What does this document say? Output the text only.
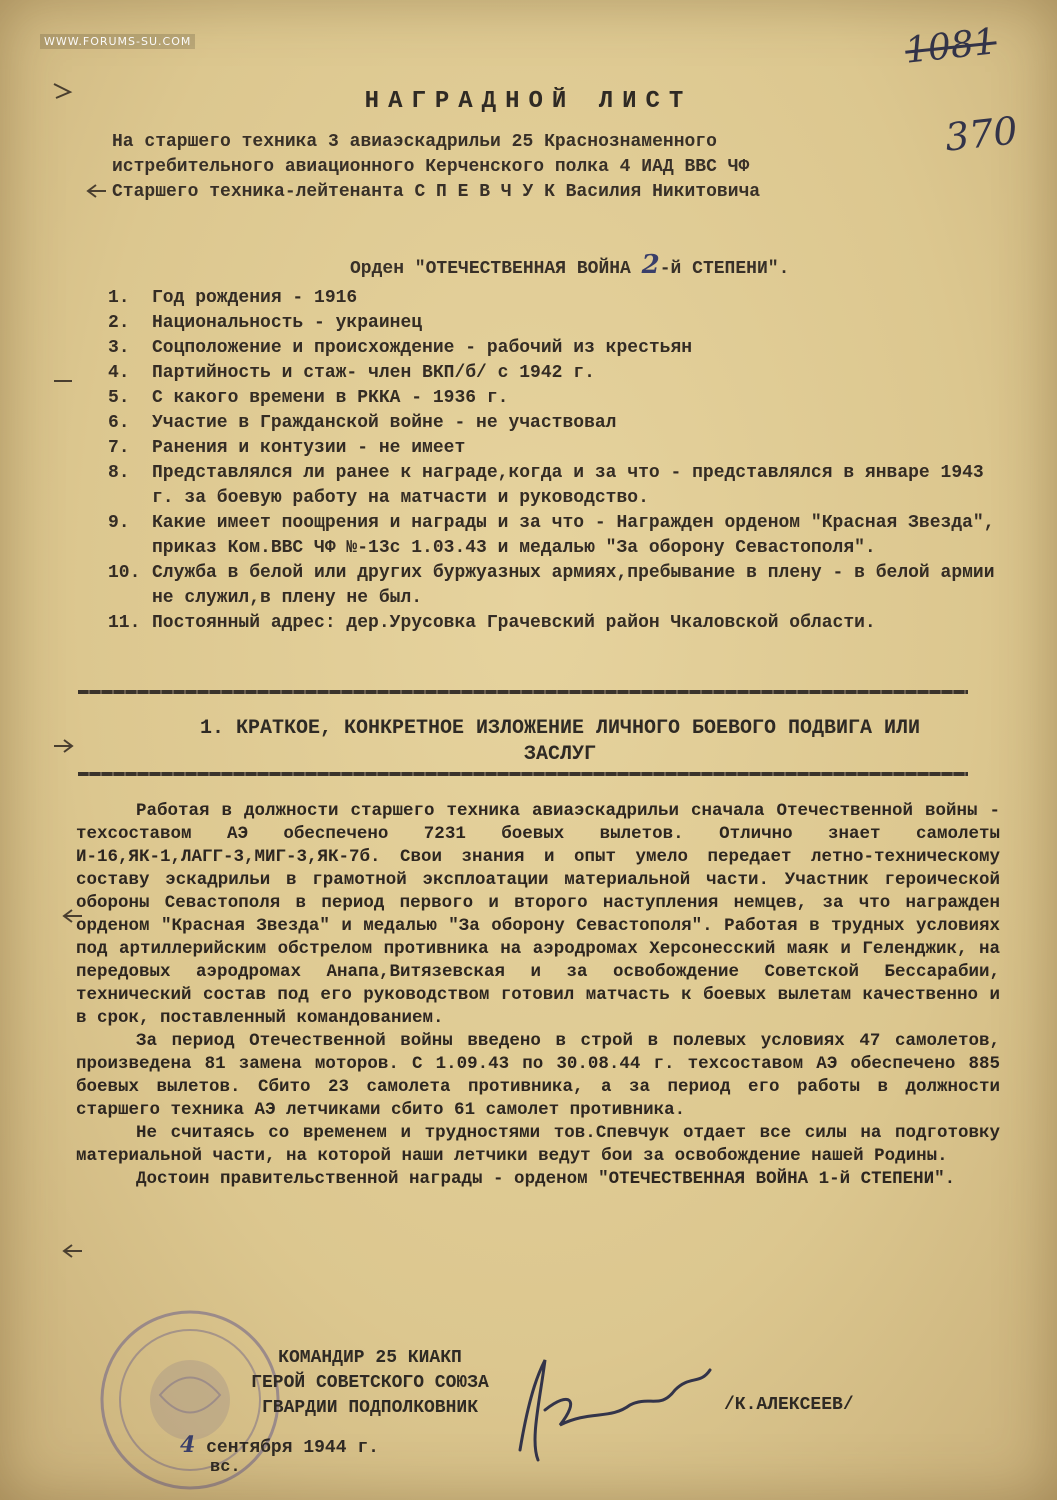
WWW.FORUMS-SU.COM	1081
370
НАГРАДНОЙ ЛИСТ
На старшего техника 3 авиаэскадрильи 25 Краснознаменного
истребительного авиационного Керченского полка 4 ИАД ВВС ЧФ
Старшего техника-лейтенанта С П Е В Ч У К Василия Никитовича
Орден "ОТЕЧЕСТВЕННАЯ ВОЙНА 2-й СТЕПЕНИ".
1.	Год рождения - 1916
2.	Национальность - украинец
3.	Соцположение и происхождение - рабочий из крестьян
4.	Партийность и стаж- член ВКП/б/ с 1942 г.
5.	С какого времени в РККА - 1936 г.
6.	Участие в Гражданской войне - не участвовал
7.	Ранения и контузии - не имеет
8.	Представлялся ли ранее к награде,когда и за что - представлялся в январе 1943 г. за боевую работу на матчасти и руководство.
9.	Какие имеет поощрения и награды и за что - Награжден орденом "Красная Звезда", приказ Ком.ВВС ЧФ №-13с 1.03.43 и медалью "За оборону Севастополя".
10. Служба в белой или других буржуазных армиях,пребывание в плену - в белой армии не служил,в плену не был.
11. Постоянный адрес: дер.Урусовка Грачевский район Чкаловской области.
1. КРАТКОЕ, КОНКРЕТНОЕ ИЗЛОЖЕНИЕ ЛИЧНОГО БОЕВОГО ПОДВИГА ИЛИ ЗАСЛУГ

Работая в должности старшего техника авиаэскадрильи сначала Отечественной войны - техсоставом АЭ обеспечено 7231 боевых вылетов. Отлично знает самолеты И-16,ЯК-1,ЛАГГ-3,МИГ-3,ЯК-7б. Свои знания и опыт умело передает летно-техническому составу эскадрильи в грамотной эксплоатации материальной части. Участник героической обороны Севастополя в период первого и второго наступления немцев, за что награжден орденом "Красная Звезда" и медалью "За оборону Севастополя". Работая в трудных условиях под артиллерийским обстрелом противника на аэродромах Херсонесский маяк и Геленджик, на передовых аэродромах Анапа,Витязевская и за освобождение Советской Бессарабии, технический состав под его руководством готовил матчасть к боевых вылетам качественно и в срок, поставленный командованием.

За период Отечественной войны введено в строй в полевых условиях 47 самолетов, произведена 81 замена моторов. С 1.09.43 по 30.08.44 г. техсоставом АЭ обеспечено 885 боевых вылетов. Сбито 23 самолета противника, а за период его работы в должности старшего техника АЭ летчиками сбито 61 самолет противника.

Не считаясь со временем и трудностями тов.Спевчук отдает все силы на подготовку материальной части, на которой наши летчики ведут бои за освобождение нашей Родины.

Достоин правительственной награды - орденом "ОТЕЧЕСТВЕННАЯ ВОЙНА 1-й СТЕПЕНИ".

КОМАНДИР 25 КИАКП
ГЕРОЙ СОВЕТСКОГО СОЮЗА
ГВАРДИИ ПОДПОЛКОВНИК	/К.АЛЕКСЕЕВ/
4 сентября 1944 г.
вс.
